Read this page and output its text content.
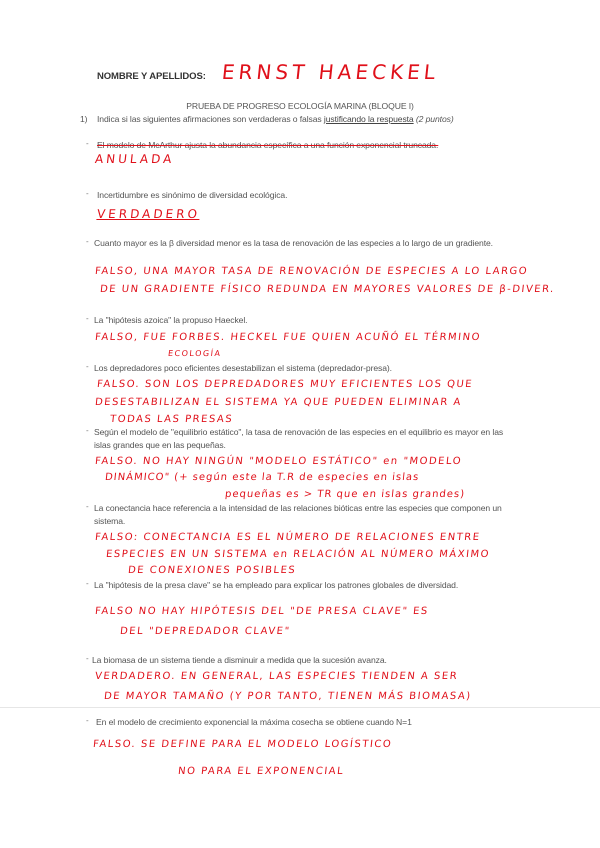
NOMBRE Y APELLIDOS: ERNST HAECKEL
PRUEBA DE PROGRESO ECOLOGÍA MARINA (BLOQUE I)
1) Indica si las siguientes afirmaciones son verdaderas o falsas justificando la respuesta (2 puntos)
- El modelo de McArthur ajusta la abundancia específica a una función exponencial truncada.
ANULADA
- Incertidumbre es sinónimo de diversidad ecológica.
VERDADERO
- Cuanto mayor es la β diversidad menor es la tasa de renovación de las especies a lo largo de un gradiente.
FALSO, UNA MAYOR TASA DE RENOVACIÓN DE ESPECIES A LO LARGO
DE UN GRADIENTE FÍSICO REDUNDA EN MAYORES VALORES DE β-DIVER.
- La "hipótesis azoica" la propuso Haeckel.
FALSO, FUE FORBES. HECKEL FUE QUIEN ACUÑÓ EL TÉRMINO
ECOLOGÍA
- Los depredadores poco eficientes desestabilizan el sistema (depredador-presa).
FALSO. SON LOS DEPREDADORES MUY EFICIENTES LOS QUE
DESESTABILIZAN EL SISTEMA YA QUE PUEDEN ELIMINAR A
TODAS LAS PRESAS
- Según el modelo de "equilibrio estático", la tasa de renovación de las especies en el equilibrio es mayor en las islas grandes que en las pequeñas.
FALSO. NO HAY NINGÚN "MODELO ESTÁTICO" en "MODELO
DINÁMICO" (+ según este la T.R de especies en islas
pequeñas es > TR que en islas grandes)
- La conectancia hace referencia a la intensidad de las relaciones bióticas entre las especies que componen un sistema.
FALSO: CONECTANCIA ES EL NÚMERO DE RELACIONES ENTRE
ESPECIES EN UN SISTEMA en RELACIÓN AL NÚMERO MÁXIMO
DE CONEXIONES POSIBLES
- La "hipótesis de la presa clave" se ha empleado para explicar los patrones globales de diversidad.
FALSO NO HAY HIPÓTESIS DEL "DE PRESA CLAVE" ES
DEL "DEPREDADOR CLAVE"
- La biomasa de un sistema tiende a disminuir a medida que la sucesión avanza.
VERDADERO. EN GENERAL, LAS ESPECIES TIENDEN A SER
DE MAYOR TAMAÑO (Y POR TANTO, TIENEN MÁS BIOMASA)
- En el modelo de crecimiento exponencial la máxima cosecha se obtiene cuando N=1
FALSO. SE DEFINE PARA EL MODELO LOGÍSTICO
NO PARA EL EXPONENCIAL
